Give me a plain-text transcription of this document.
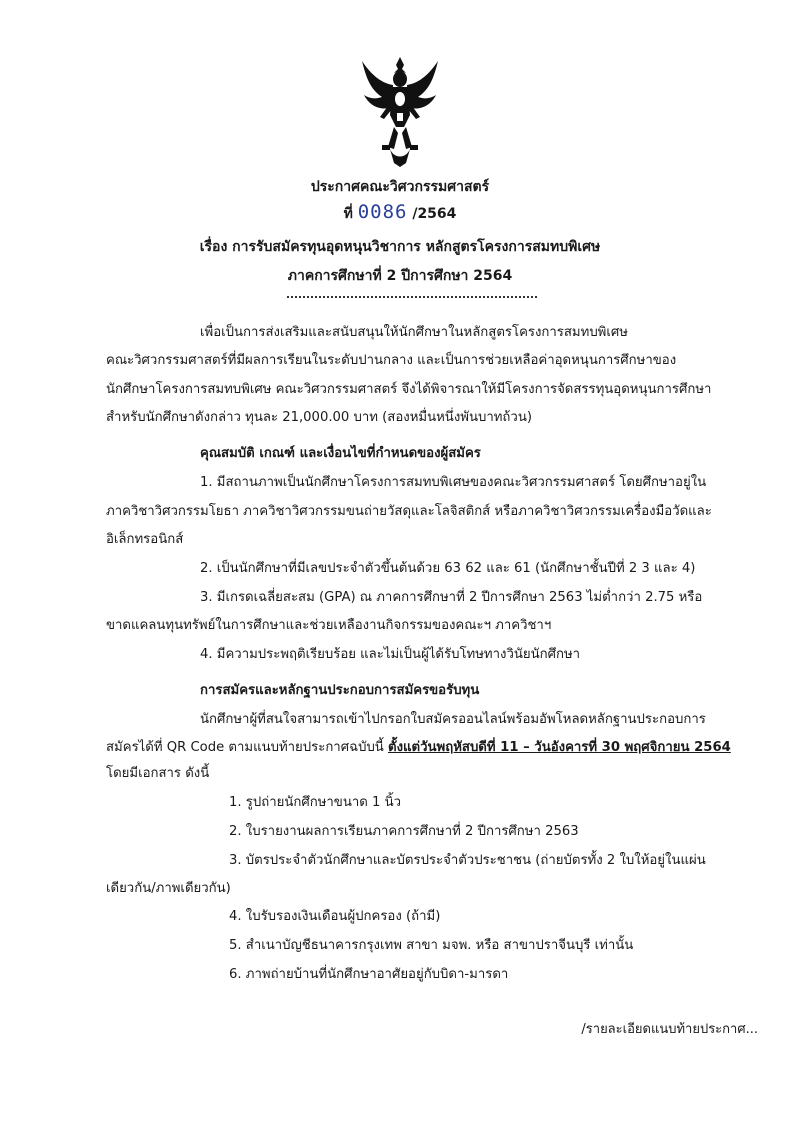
ประกาศคณะวิศวกรรมศาสตร์
ที่ 0086 /2564
เรื่อง การรับสมัครทุนอุดหนุนวิชาการ หลักสูตรโครงการสมทบพิเศษ
ภาคการศึกษาที่ 2 ปีการศึกษา 2564
เพื่อเป็นการส่งเสริมและสนับสนุนให้นักศึกษาในหลักสูตรโครงการสมทบพิเศษ
คณะวิศวกรรมศาสตร์ที่มีผลการเรียนในระดับปานกลาง และเป็นการช่วยเหลือค่าอุดหนุนการศึกษาของ
นักศึกษาโครงการสมทบพิเศษ คณะวิศวกรรมศาสตร์ จึงได้พิจารณาให้มีโครงการจัดสรรทุนอุดหนุนการศึกษา
สำหรับนักศึกษาดังกล่าว ทุนละ 21,000.00 บาท (สองหมื่นหนึ่งพันบาทถ้วน)
คุณสมบัติ เกณฑ์ และเงื่อนไขที่กำหนดของผู้สมัคร
1. มีสถานภาพเป็นนักศึกษาโครงการสมทบพิเศษของคณะวิศวกรรมศาสตร์ โดยศึกษาอยู่ใน
ภาควิชาวิศวกรรมโยธา ภาควิชาวิศวกรรมขนถ่ายวัสดุและโลจิสติกส์ หรือภาควิชาวิศวกรรมเครื่องมือวัดและ
อิเล็กทรอนิกส์
2. เป็นนักศึกษาที่มีเลขประจำตัวขึ้นต้นด้วย 63 62 และ 61 (นักศึกษาชั้นปีที่ 2 3 และ 4)
3. มีเกรดเฉลี่ยสะสม (GPA) ณ ภาคการศึกษาที่ 2 ปีการศึกษา 2563 ไม่ต่ำกว่า 2.75 หรือ
ขาดแคลนทุนทรัพย์ในการศึกษาและช่วยเหลืองานกิจกรรมของคณะฯ ภาควิชาฯ
4. มีความประพฤติเรียบร้อย และไม่เป็นผู้ได้รับโทษทางวินัยนักศึกษา
การสมัครและหลักฐานประกอบการสมัครขอรับทุน
นักศึกษาผู้ที่สนใจสามารถเข้าไปกรอกใบสมัครออนไลน์พร้อมอัพโหลดหลักฐานประกอบการ
สมัครได้ที่ QR Code ตามแนบท้ายประกาศฉบับนี้ ตั้งแต่วันพฤหัสบดีที่ 11 – วันอังคารที่ 30 พฤศจิกายน 2564
โดยมีเอกสาร ดังนี้
1. รูปถ่ายนักศึกษาขนาด 1 นิ้ว
2. ใบรายงานผลการเรียนภาคการศึกษาที่ 2 ปีการศึกษา 2563
3. บัตรประจำตัวนักศึกษาและบัตรประจำตัวประชาชน (ถ่ายบัตรทั้ง 2 ใบให้อยู่ในแผ่น
เดียวกัน/ภาพเดียวกัน)
4. ใบรับรองเงินเดือนผู้ปกครอง (ถ้ามี)
5. สำเนาบัญชีธนาคารกรุงเทพ สาขา มจพ. หรือ สาขาปราจีนบุรี เท่านั้น
6. ภาพถ่ายบ้านที่นักศึกษาอาศัยอยู่กับบิดา-มารดา
/รายละเอียดแนบท้ายประกาศ...
